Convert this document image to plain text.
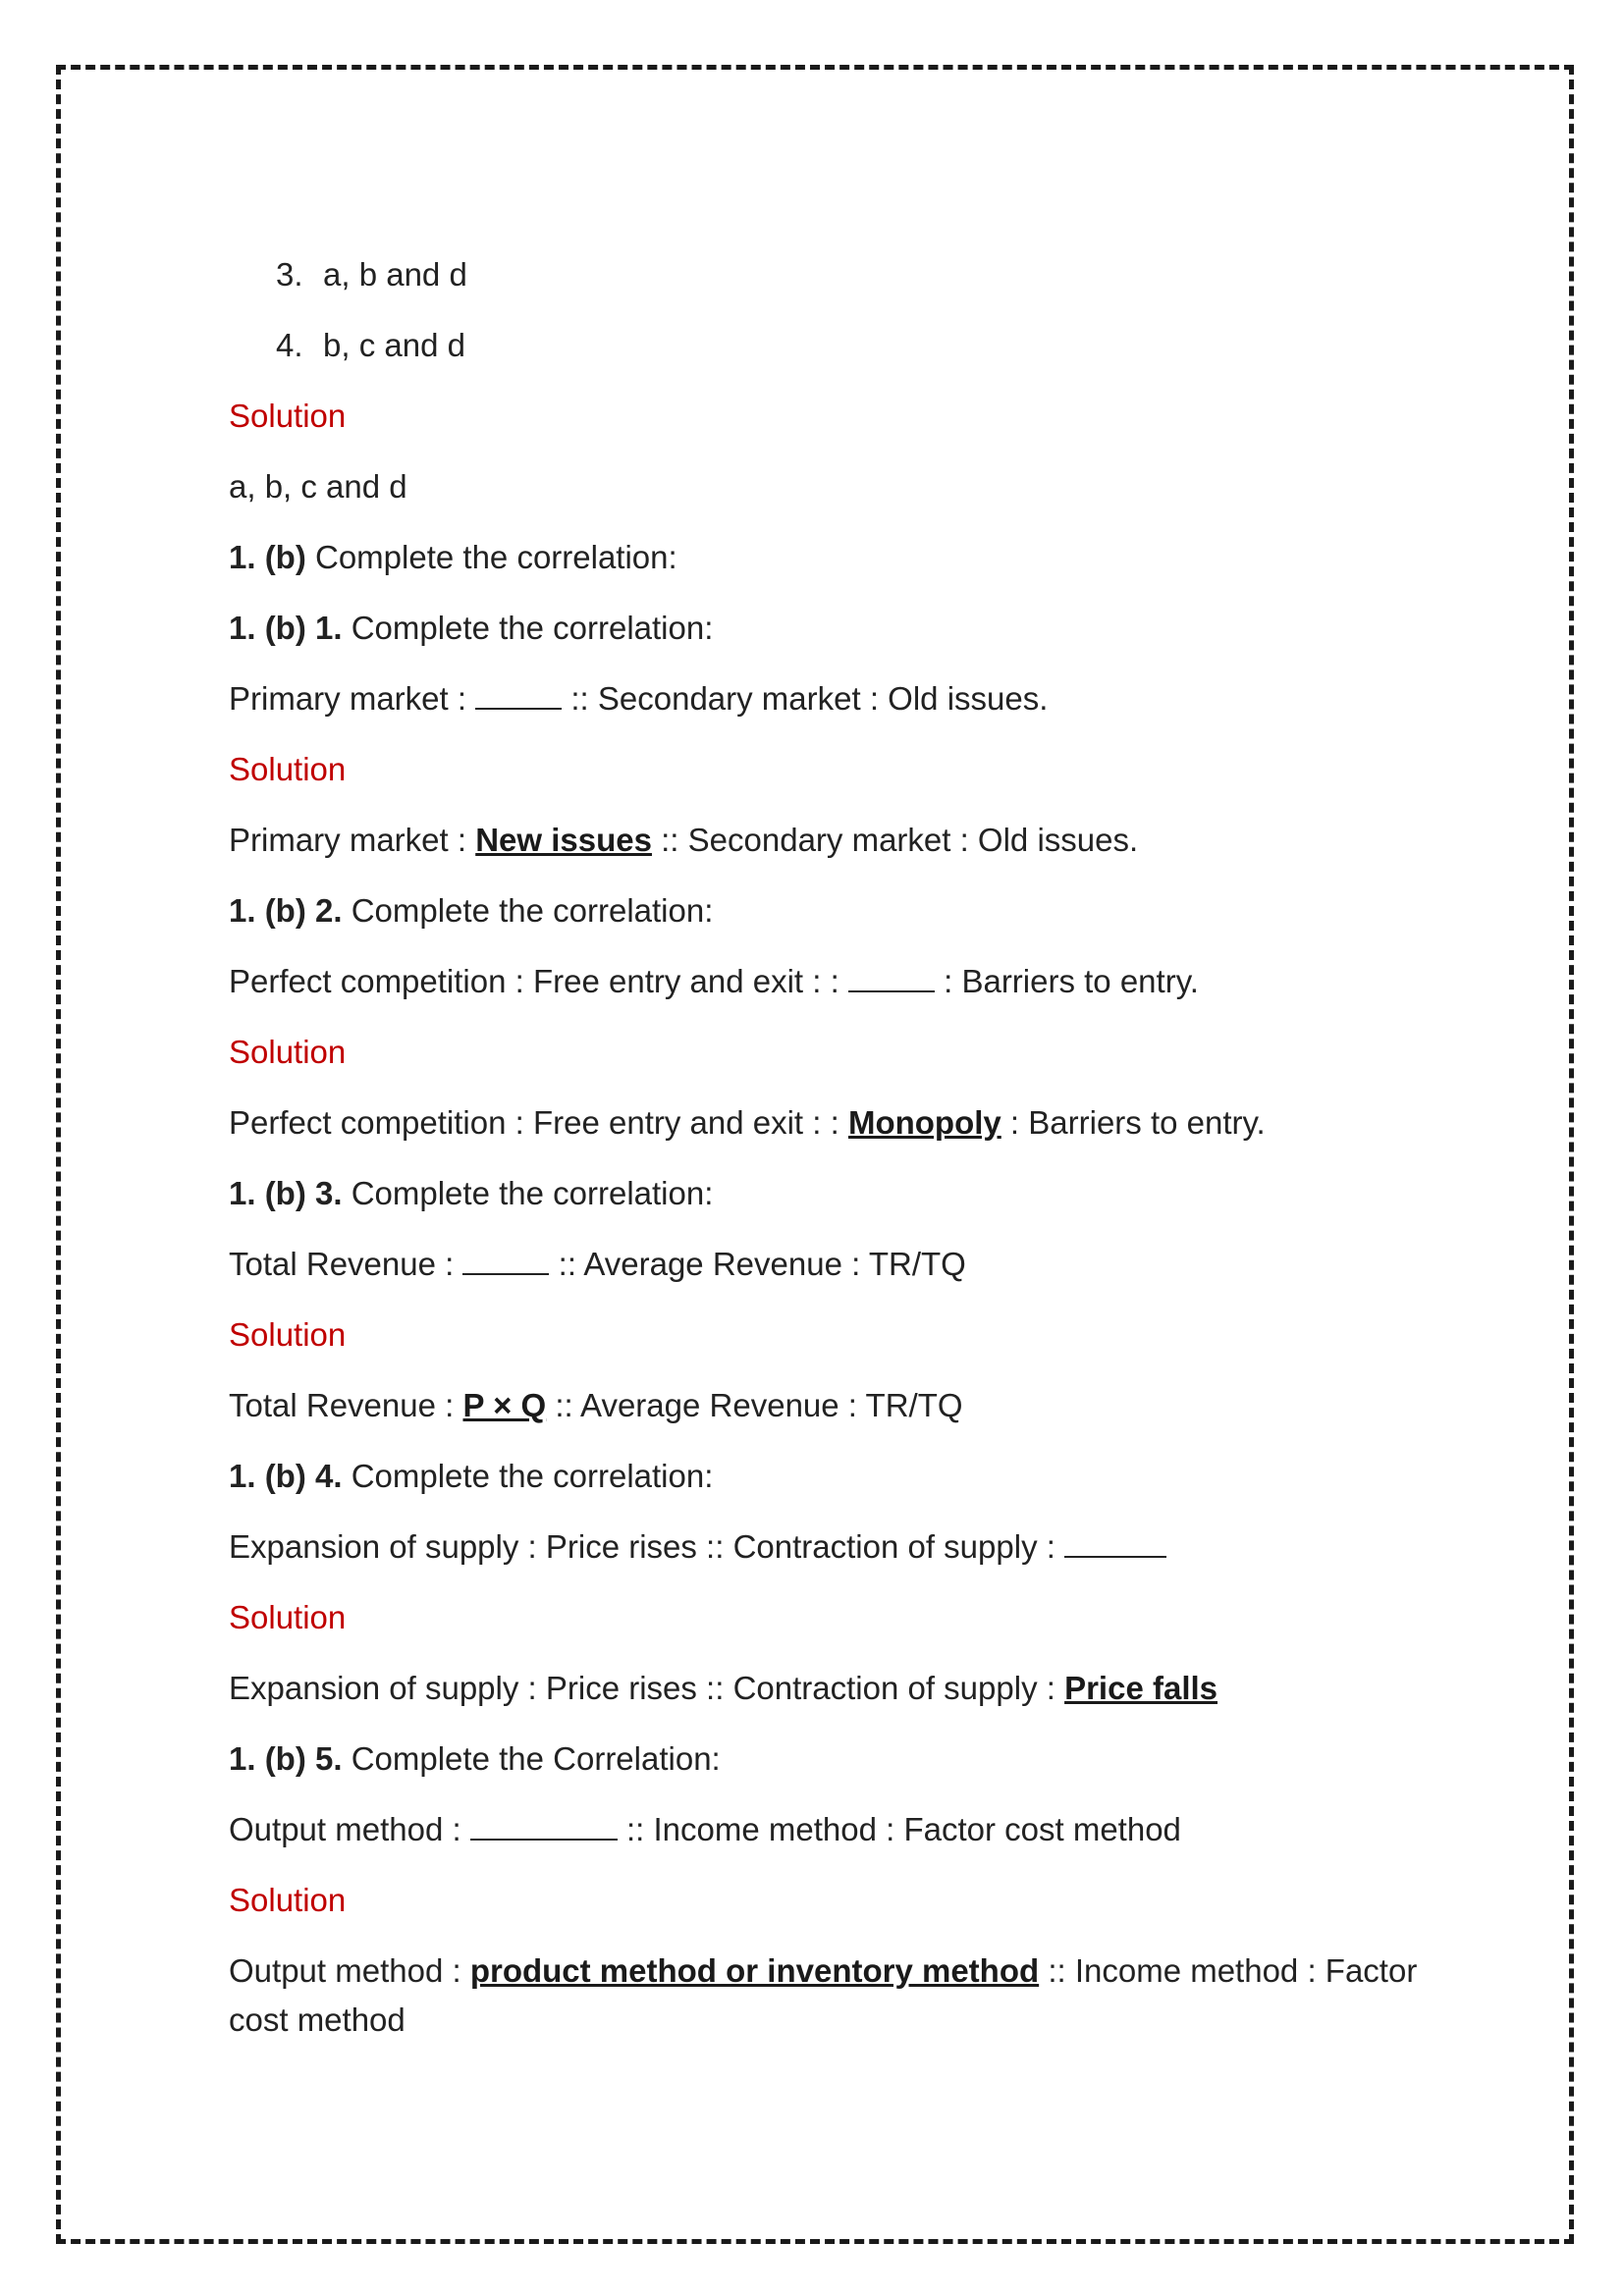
3. a, b and d

4. b, c and d

Solution

a, b, c and d

1. (b) Complete the correlation:

1. (b) 1. Complete the correlation:

Primary market :	:: Secondary market : Old issues.

Solution

Primary market : New issues :: Secondary market : Old issues.

1. (b) 2. Complete the correlation:

Perfect competition : Free entry and exit : :	: Barriers to entry.

Solution

Perfect competition : Free entry and exit : : Monopoly : Barriers to entry.

1. (b) 3. Complete the correlation:

Total Revenue :	:: Average Revenue : TR/TQ

Solution

Total Revenue : P × Q :: Average Revenue : TR/TQ

1. (b) 4. Complete the correlation:

Expansion of supply : Price rises :: Contraction of supply :

Solution

Expansion of supply : Price rises :: Contraction of supply : Price falls

1. (b) 5. Complete the Correlation:

Output method :	:: Income method : Factor cost method

Solution

Output method : product method or inventory method :: Income method : Factor cost method
